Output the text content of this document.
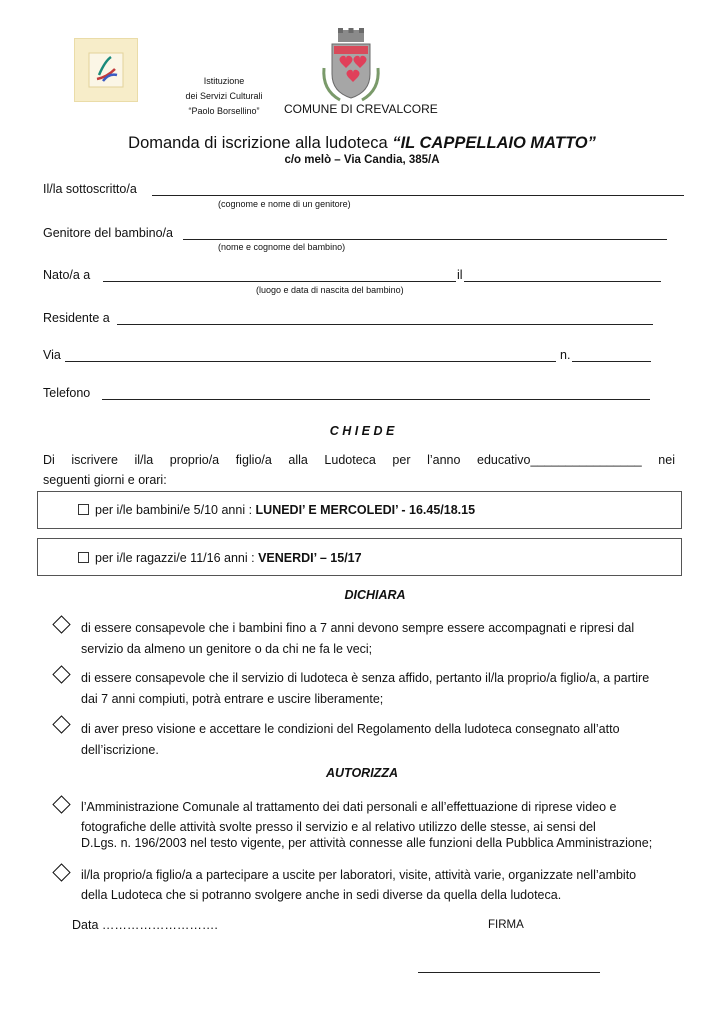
Istituzione
dei Servizi Culturali
“Paolo Borsellino”	COMUNE DI CREVALCORE
Domanda di iscrizione alla ludoteca “IL CAPPELLAIO MATTO”
c/o melò – Via Candia, 385/A
Il/la sottoscritto/a
(cognome e nome di un genitore)
Genitore del bambino/a
(nome e cognome del bambino)
Nato/a a	il
(luogo e data di nascita del bambino)
Residente a
Via	n.
Telefono
C H I E D E
Di iscrivere il/la proprio/a figlio/a alla Ludoteca per l’anno educativo________________ nei
seguenti giorni e orari:
per i/le bambini/e 5/10 anni : LUNEDI’ E MERCOLEDI’ - 16.45/18.15
per i/le ragazzi/e 11/16 anni : VENERDI’ – 15/17
DICHIARA
di essere consapevole che i bambini fino a 7 anni devono sempre essere accompagnati e ripresi dal
servizio da almeno un genitore o da chi ne fa le veci;
di essere consapevole che il servizio di ludoteca è senza affido, pertanto il/la proprio/a figlio/a, a partire
dai 7 anni compiuti, potrà entrare e uscire liberamente;
di aver preso visione e accettare le condizioni del Regolamento della ludoteca consegnato all’atto
dell’iscrizione.
AUTORIZZA
l’Amministrazione Comunale al trattamento dei dati personali e all’effettuazione di riprese video e
fotografiche delle attività svolte presso il servizio e al relativo utilizzo delle stesse, ai sensi del
D.Lgs. n. 196/2003 nel testo vigente, per attività connesse alle funzioni della Pubblica Amministrazione;
il/la proprio/a figlio/a a partecipare a uscite per laboratori, visite, attività varie, organizzate nell’ambito
della Ludoteca che si potranno svolgere anche in sedi diverse da quella della ludoteca.
Data ……………………….	FIRMA
